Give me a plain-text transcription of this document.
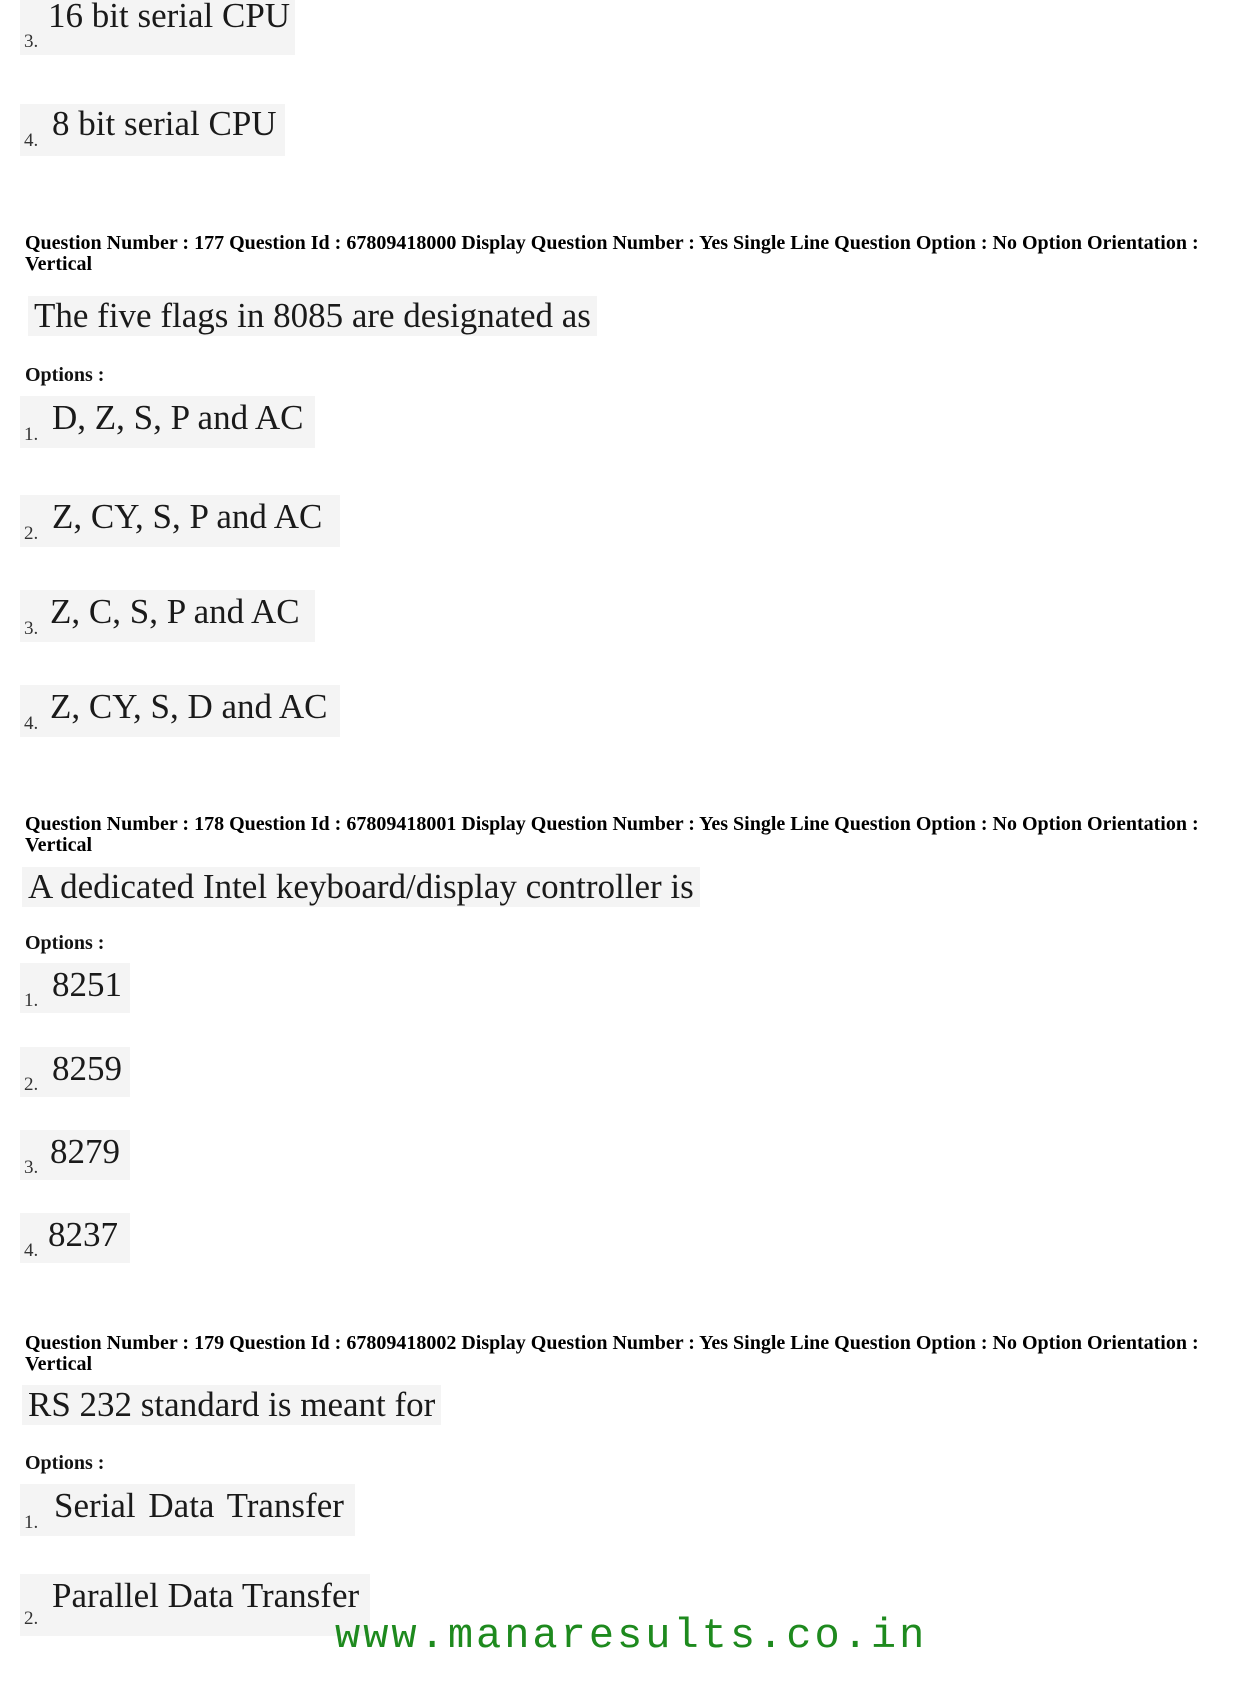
3.
16 bit serial CPU
4. 8 bit serial CPU
Question Number : 177 Question Id : 67809418000 Display Question Number : Yes Single Line Question Option : No Option Orientation : Vertical
The five flags in 8085 are designated as
Options :
1. D, Z, S, P and AC
2. Z, CY, S, P and AC
3. Z, C, S, P and AC
4. Z, CY, S, D and AC
Question Number : 178 Question Id : 67809418001 Display Question Number : Yes Single Line Question Option : No Option Orientation : Vertical
A dedicated Intel keyboard/display controller is
Options :
1. 8251
2. 8259
3. 8279
4. 8237
Question Number : 179 Question Id : 67809418002 Display Question Number : Yes Single Line Question Option : No Option Orientation : Vertical
RS 232 standard is meant for
Options :
1. Serial Data Transfer
2.
Parallel Data Transfer
www.manaresults.co.in
